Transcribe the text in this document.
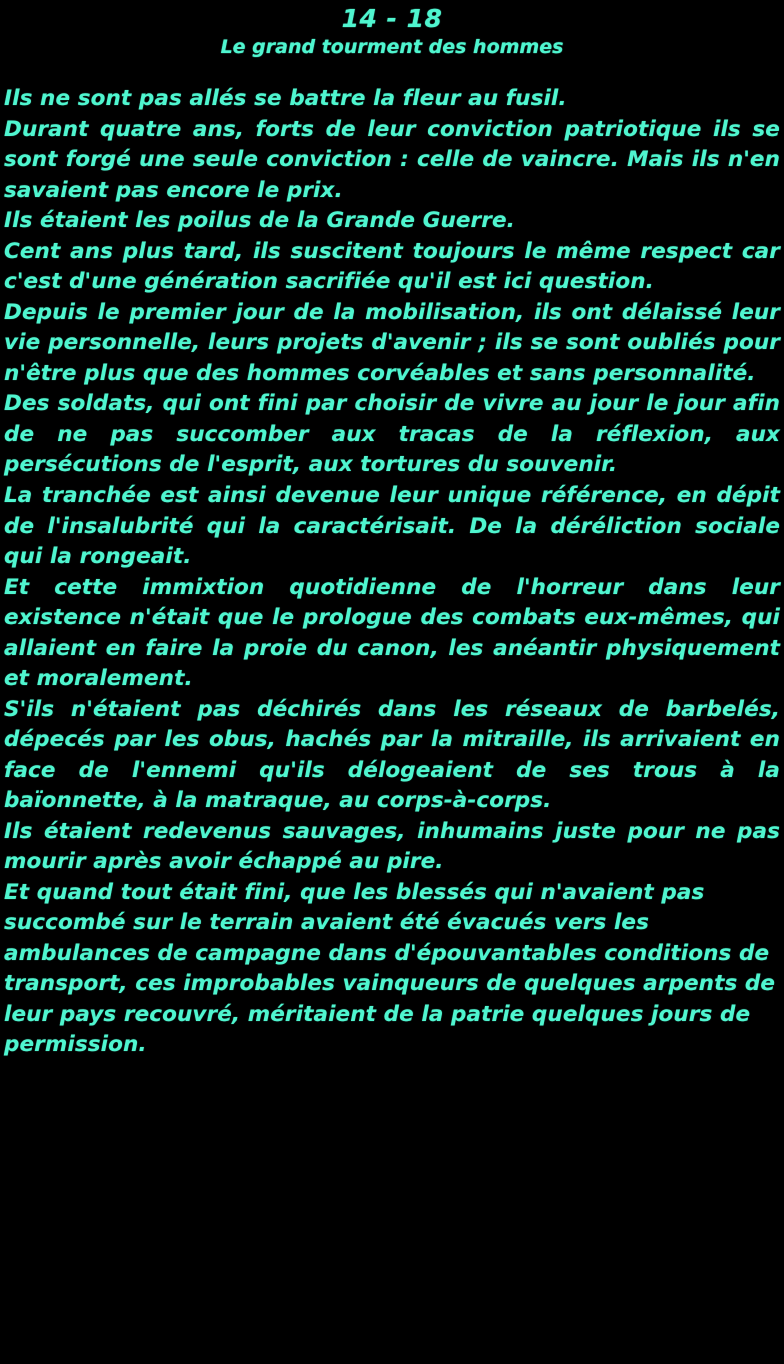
14 - 18
Le grand tourment des hommes

Ils ne sont pas allés se battre la fleur au fusil.

Durant quatre ans, forts de leur conviction patriotique ils se sont forgé une seule conviction : celle de vaincre. Mais ils n'en savaient pas encore le prix.

Ils étaient les poilus de la Grande Guerre.

Cent ans plus tard, ils suscitent toujours le même respect car c'est d'une génération sacrifiée qu'il est ici question.

Depuis le premier jour de la mobilisation, ils ont délaissé leur vie personnelle, leurs projets d'avenir ; ils se sont oubliés pour n'être plus que des hommes corvéables et sans personnalité.

Des soldats, qui ont fini par choisir de vivre au jour le jour afin de ne pas succomber aux tracas de la réflexion, aux persécutions de l'esprit, aux tortures du souvenir.

La tranchée est ainsi devenue leur unique référence, en dépit de l'insalubrité qui la caractérisait. De la déréliction sociale qui la rongeait.

Et cette immixtion quotidienne de l'horreur dans leur existence n'était que le prologue des combats eux-mêmes, qui allaient en faire la proie du canon, les anéantir physiquement et moralement.

S'ils n'étaient pas déchirés dans les réseaux de barbelés, dépecés par les obus, hachés par la mitraille, ils arrivaient en face de l'ennemi qu'ils délogeaient de ses trous à la baïonnette, à la matraque, au corps-à-corps.

Ils étaient redevenus sauvages, inhumains juste pour ne pas mourir après avoir échappé au pire.

Et quand tout était fini, que les blessés qui n'avaient pas succombé sur le terrain avaient été évacués vers les ambulances de campagne dans d'épouvantables conditions de transport, ces improbables vainqueurs de quelques arpents de leur pays recouvré, méritaient de la patrie quelques jours de permission.
